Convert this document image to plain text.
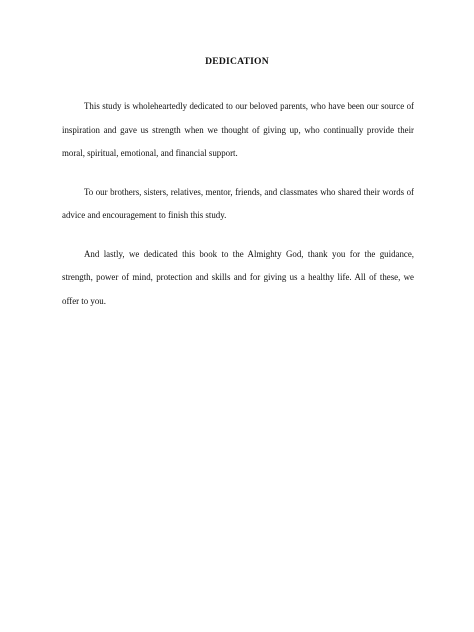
DEDICATION

This study is wholeheartedly dedicated to our beloved parents, who have been our source of inspiration and gave us strength when we thought of giving up, who continually provide their moral, spiritual, emotional, and financial support.

To our brothers, sisters, relatives, mentor, friends, and classmates who shared their words of advice and encouragement to finish this study.

And lastly, we dedicated this book to the Almighty God, thank you for the guidance, strength, power of mind, protection and skills and for giving us a healthy life. All of these, we offer to you.
